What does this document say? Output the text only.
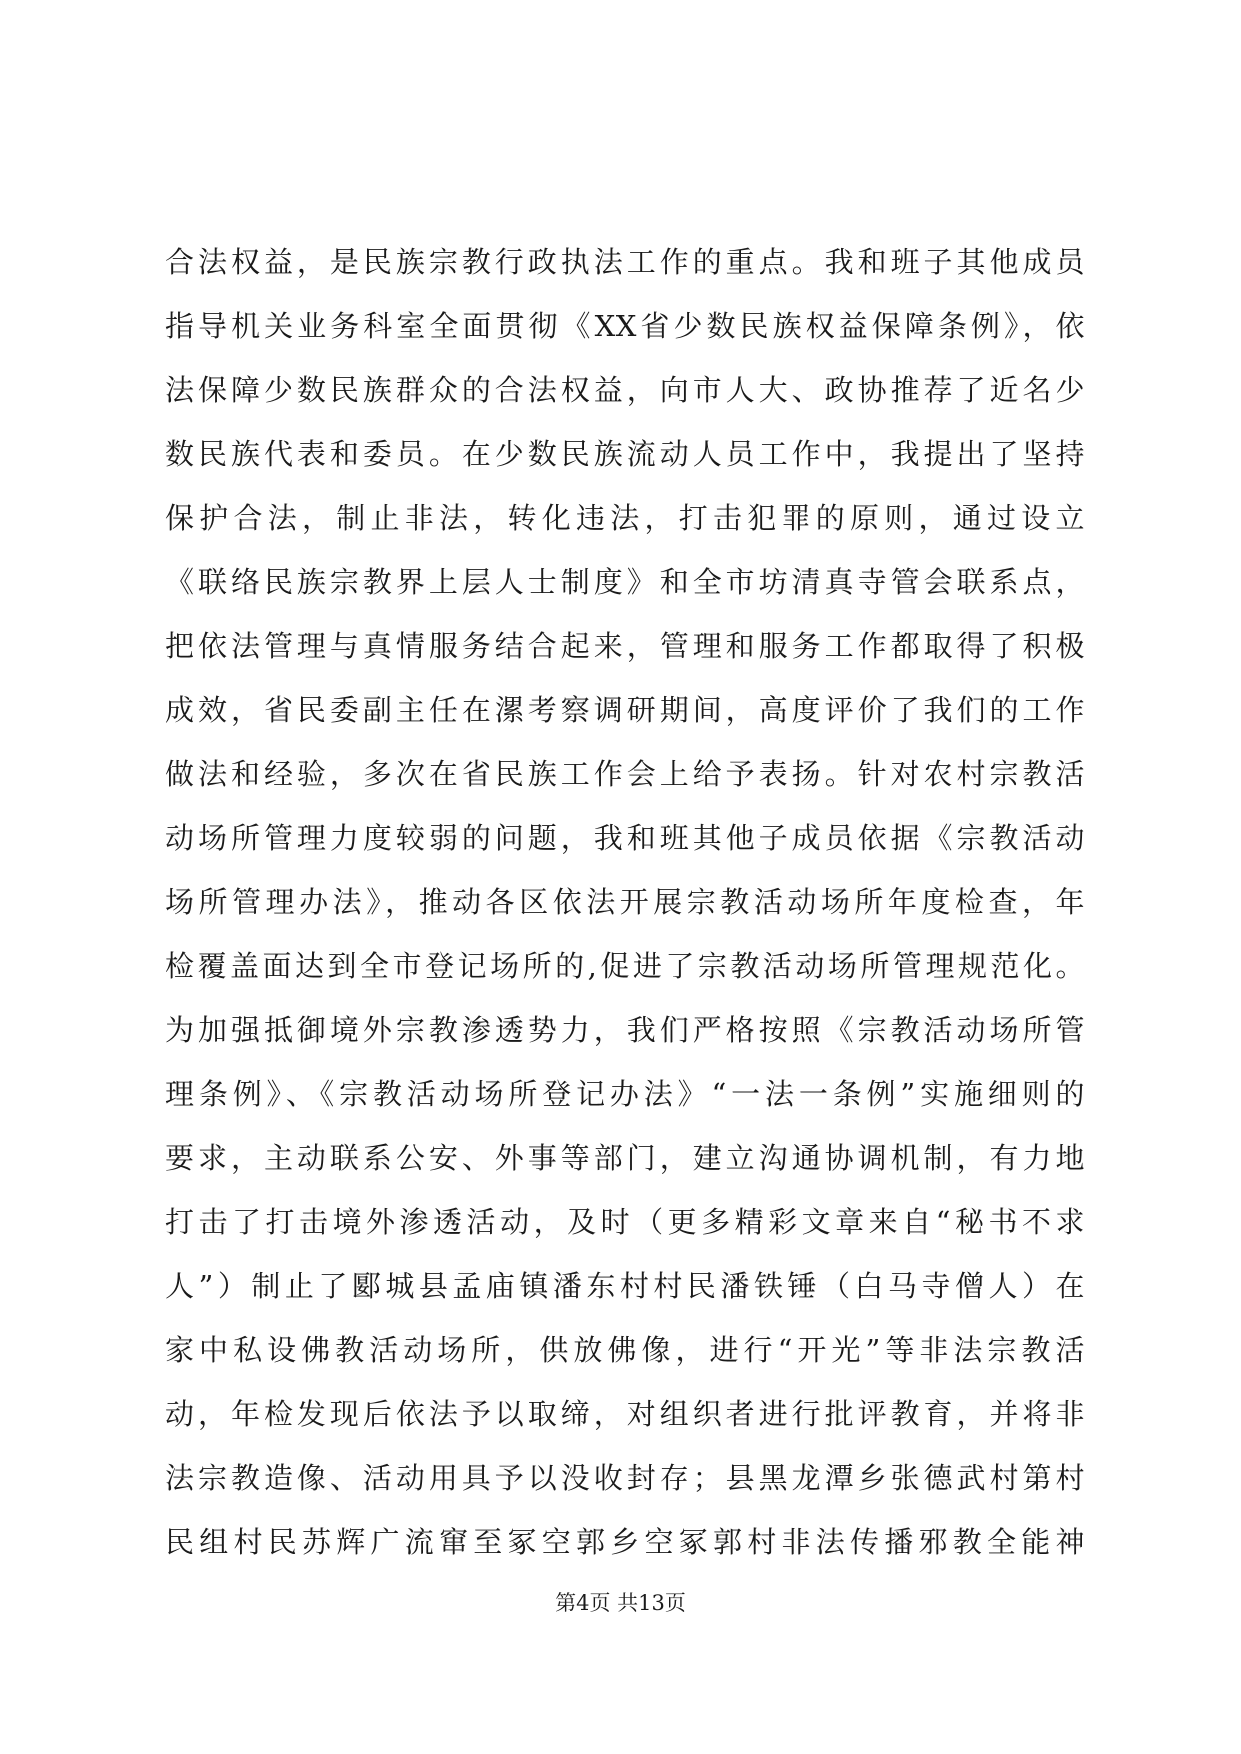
合法权益，是民族宗教行政执法工作的重点。我和班子其他成员
指导机关业务科室全面贯彻《XX省少数民族权益保障条例》，依
法保障少数民族群众的合法权益，向市人大、政协推荐了近名少
数民族代表和委员。在少数民族流动人员工作中，我提出了坚持
保护合法，制止非法，转化违法，打击犯罪的原则，通过设立
《联络民族宗教界上层人士制度》和全市坊清真寺管会联系点，
把依法管理与真情服务结合起来，管理和服务工作都取得了积极
成效，省民委副主任在漯考察调研期间，高度评价了我们的工作
做法和经验，多次在省民族工作会上给予表扬。针对农村宗教活
动场所管理力度较弱的问题，我和班其他子成员依据《宗教活动
场所管理办法》，推动各区依法开展宗教活动场所年度检查，年
检覆盖面达到全市登记场所的,促进了宗教活动场所管理规范化。
为加强抵御境外宗教渗透势力，我们严格按照《宗教活动场所管
理条例》、《宗教活动场所登记办法》“一法一条例”实施细则的
要求，主动联系公安、外事等部门，建立沟通协调机制，有力地
打击了打击境外渗透活动，及时（更多精彩文章来自“秘书不求
人”）制止了郾城县孟庙镇潘东村村民潘铁锤（白马寺僧人）在
家中私设佛教活动场所，供放佛像，进行“开光”等非法宗教活
动，年检发现后依法予以取缔，对组织者进行批评教育，并将非
法宗教造像、活动用具予以没收封存；县黑龙潭乡张德武村第村
民组村民苏辉广流窜至冢空郭乡空冢郭村非法传播邪教全能神
第4页 共13页
